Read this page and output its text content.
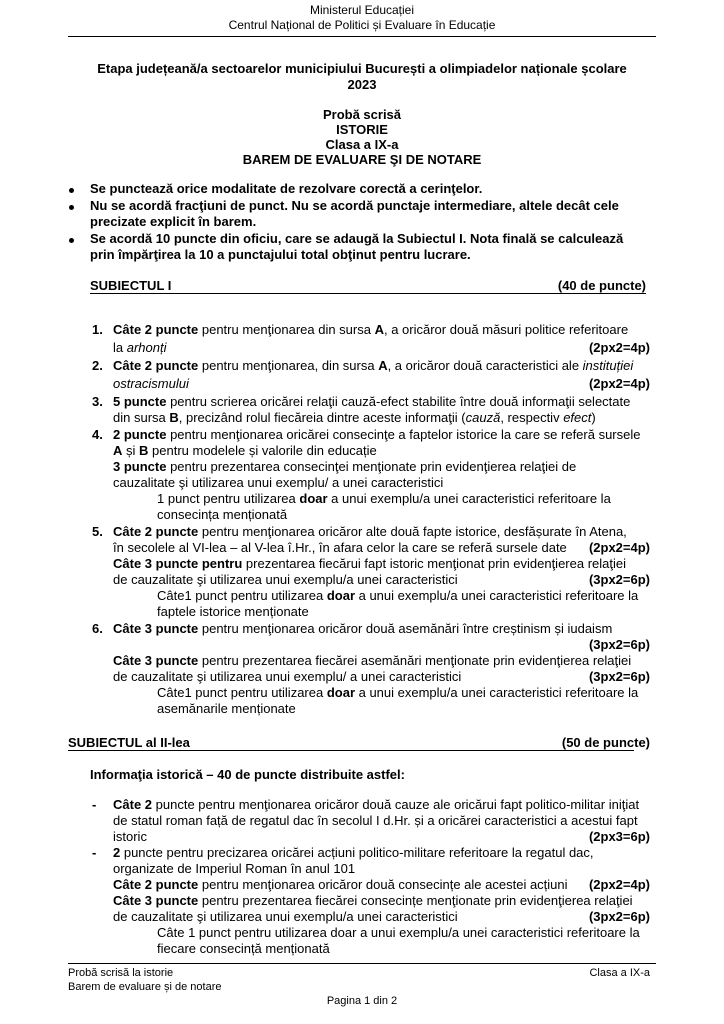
Ministerul Educației
Centrul Național de Politici și Evaluare în Educație
Etapa județeană/a sectoarelor municipiului București a olimpiadelor naționale școlare
2023
Probă scrisă
ISTORIE
Clasa a IX-a
BAREM DE EVALUARE ŞI DE NOTARE
Se punctează orice modalitate de rezolvare corectă a cerinţelor.
Nu se acordă fracţiuni de punct. Nu se acordă punctaje intermediare, altele decât cele
precizate explicit în barem.
Se acordă 10 puncte din oficiu, care se adaugă la Subiectul I. Nota finală se calculează
prin împărţirea la 10 a punctajului total obţinut pentru lucrare.
SUBIECTUL I	(40 de puncte)
1. Câte 2 puncte pentru menţionarea din sursa A, a oricăror două măsuri politice referitoare
la arhonți	(2px2=4p)
2. Câte 2 puncte pentru menţionarea, din sursa A, a oricăror două caracteristici ale instituției
ostracismului	(2px2=4p)
3. 5 puncte pentru scrierea oricărei relaţii cauză-efect stabilite între două informaţii selectate
din sursa B, precizând rolul fiecăreia dintre aceste informaţii (cauză, respectiv efect)
4. 2 puncte pentru menţionarea oricărei consecinţe a faptelor istorice la care se referă sursele
A și B pentru modelele și valorile din educație
3 puncte pentru prezentarea consecinţei menţionate prin evidenţierea relaţiei de
cauzalitate şi utilizarea unui exemplu/ a unei caracteristici
1 punct pentru utilizarea doar a unui exemplu/a unei caracteristici referitoare la
consecința menționată
5. Câte 2 puncte pentru menţionarea oricăror alte două fapte istorice, desfășurate în Atena,
în secolele al VI-lea – al V-lea î.Hr., în afara celor la care se referă sursele date (2px2=4p)
Câte 3 puncte pentru prezentarea fiecărui fapt istoric menţionat prin evidenţierea relaţiei
de cauzalitate şi utilizarea unui exemplu/a unei caracteristici	(3px2=6p)
Câte1 punct pentru utilizarea doar a unui exemplu/a unei caracteristici referitoare la
faptele istorice menționate
6. Câte 3 puncte pentru menţionarea oricăror două asemănări între creștinism și iudaism
(3px2=6p)
Câte 3 puncte pentru prezentarea fiecărei asemănări menţionate prin evidenţierea relaţiei
de cauzalitate şi utilizarea unui exemplu/ a unei caracteristici	(3px2=6p)
Câte1 punct pentru utilizarea doar a unui exemplu/a unei caracteristici referitoare la
asemănarile menționate
SUBIECTUL al II-lea	(50 de puncte)
Informaţia istorică – 40 de puncte distribuite astfel:
- Câte 2 puncte pentru menţionarea oricăror două cauze ale oricărui fapt politico-militar iniţiat
de statul roman față de regatul dac în secolul I d.Hr. și a oricărei caracteristici a acestui fapt
istoric	(2px3=6p)
- 2 puncte pentru precizarea oricărei acțiuni politico-militare referitoare la regatul dac,
organizate de Imperiul Roman în anul 101
Câte 2 puncte pentru menţionarea oricăror două consecințe ale acestei acțiuni (2px2=4p)
Câte 3 puncte pentru prezentarea fiecărei consecințe menţionate prin evidenţierea relaţiei
de cauzalitate şi utilizarea unui exemplu/a unei caracteristici	(3px2=6p)
Câte 1 punct pentru utilizarea doar a unui exemplu/a unei caracteristici referitoare la
fiecare consecință menționată
Probă scrisă la istorie
Barem de evaluare și de notare
Clasa a IX-a
Pagina 1 din 2
